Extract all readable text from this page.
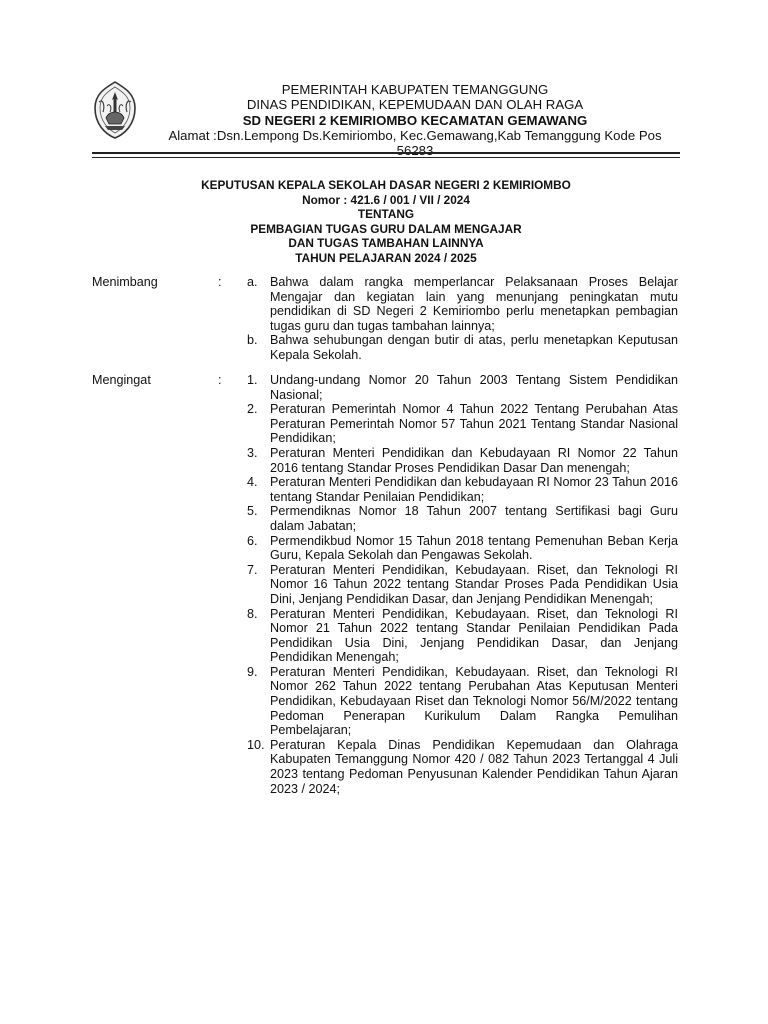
PEMERINTAH KABUPATEN TEMANGGUNG
DINAS PENDIDIKAN, KEPEMUDAAN DAN OLAH RAGA
SD NEGERI 2 KEMIRIOMBO KECAMATAN GEMAWANG
Alamat :Dsn.Lempong Ds.Kemiriombo, Kec.Gemawang,Kab Temanggung Kode Pos
56283
KEPUTUSAN KEPALA SEKOLAH DASAR NEGERI 2 KEMIRIOMBO
Nomor : 421.6 / 001 / VII / 2024
TENTANG
PEMBAGIAN TUGAS GURU DALAM MENGAJAR
DAN TUGAS TAMBAHAN LAINNYA
TAHUN PELAJARAN 2024 / 2025
Menimbang	: a. Bahwa dalam rangka memperlancar Pelaksanaan Proses Belajar Mengajar dan kegiatan lain yang menunjang peningkatan mutu pendidikan di SD Negeri 2 Kemiriombo perlu menetapkan pembagian tugas guru dan tugas tambahan lainnya;
b. Bahwa sehubungan dengan butir di atas, perlu menetapkan Keputusan Kepala Sekolah.
Mengingat	: 1. Undang-undang Nomor 20 Tahun 2003 Tentang Sistem Pendidikan Nasional;
2. Peraturan Pemerintah Nomor 4 Tahun 2022 Tentang Perubahan Atas Peraturan Pemerintah Nomor 57 Tahun 2021 Tentang Standar Nasional Pendidikan;
3. Peraturan Menteri Pendidikan dan Kebudayaan RI Nomor 22 Tahun 2016 tentang Standar Proses Pendidikan Dasar Dan menengah;
4. Peraturan Menteri Pendidikan dan kebudayaan RI Nomor 23 Tahun 2016 tentang Standar Penilaian Pendidikan;
5. Permendiknas Nomor 18 Tahun 2007 tentang Sertifikasi bagi Guru dalam Jabatan;
6. Permendikbud Nomor 15 Tahun 2018 tentang Pemenuhan Beban Kerja Guru, Kepala Sekolah dan Pengawas Sekolah.
7. Peraturan Menteri Pendidikan, Kebudayaan. Riset, dan Teknologi RI Nomor 16 Tahun 2022 tentang Standar Proses Pada Pendidikan Usia Dini, Jenjang Pendidikan Dasar, dan Jenjang Pendidikan Menengah;
8. Peraturan Menteri Pendidikan, Kebudayaan. Riset, dan Teknologi RI Nomor 21 Tahun 2022 tentang Standar Penilaian Pendidikan Pada Pendidikan Usia Dini, Jenjang Pendidikan Dasar, dan Jenjang Pendidikan Menengah;
9. Peraturan Menteri Pendidikan, Kebudayaan. Riset, dan Teknologi RI Nomor 262 Tahun 2022 tentang Perubahan Atas Keputusan Menteri Pendidikan, Kebudayaan Riset dan Teknologi Nomor 56/M/2022 tentang Pedoman Penerapan Kurikulum Dalam Rangka Pemulihan Pembelajaran;
10. Peraturan Kepala Dinas Pendidikan Kepemudaan dan Olahraga Kabupaten Temanggung Nomor 420 / 082 Tahun 2023 Tertanggal 4 Juli 2023 tentang Pedoman Penyusunan Kalender Pendidikan Tahun Ajaran 2023 / 2024;
